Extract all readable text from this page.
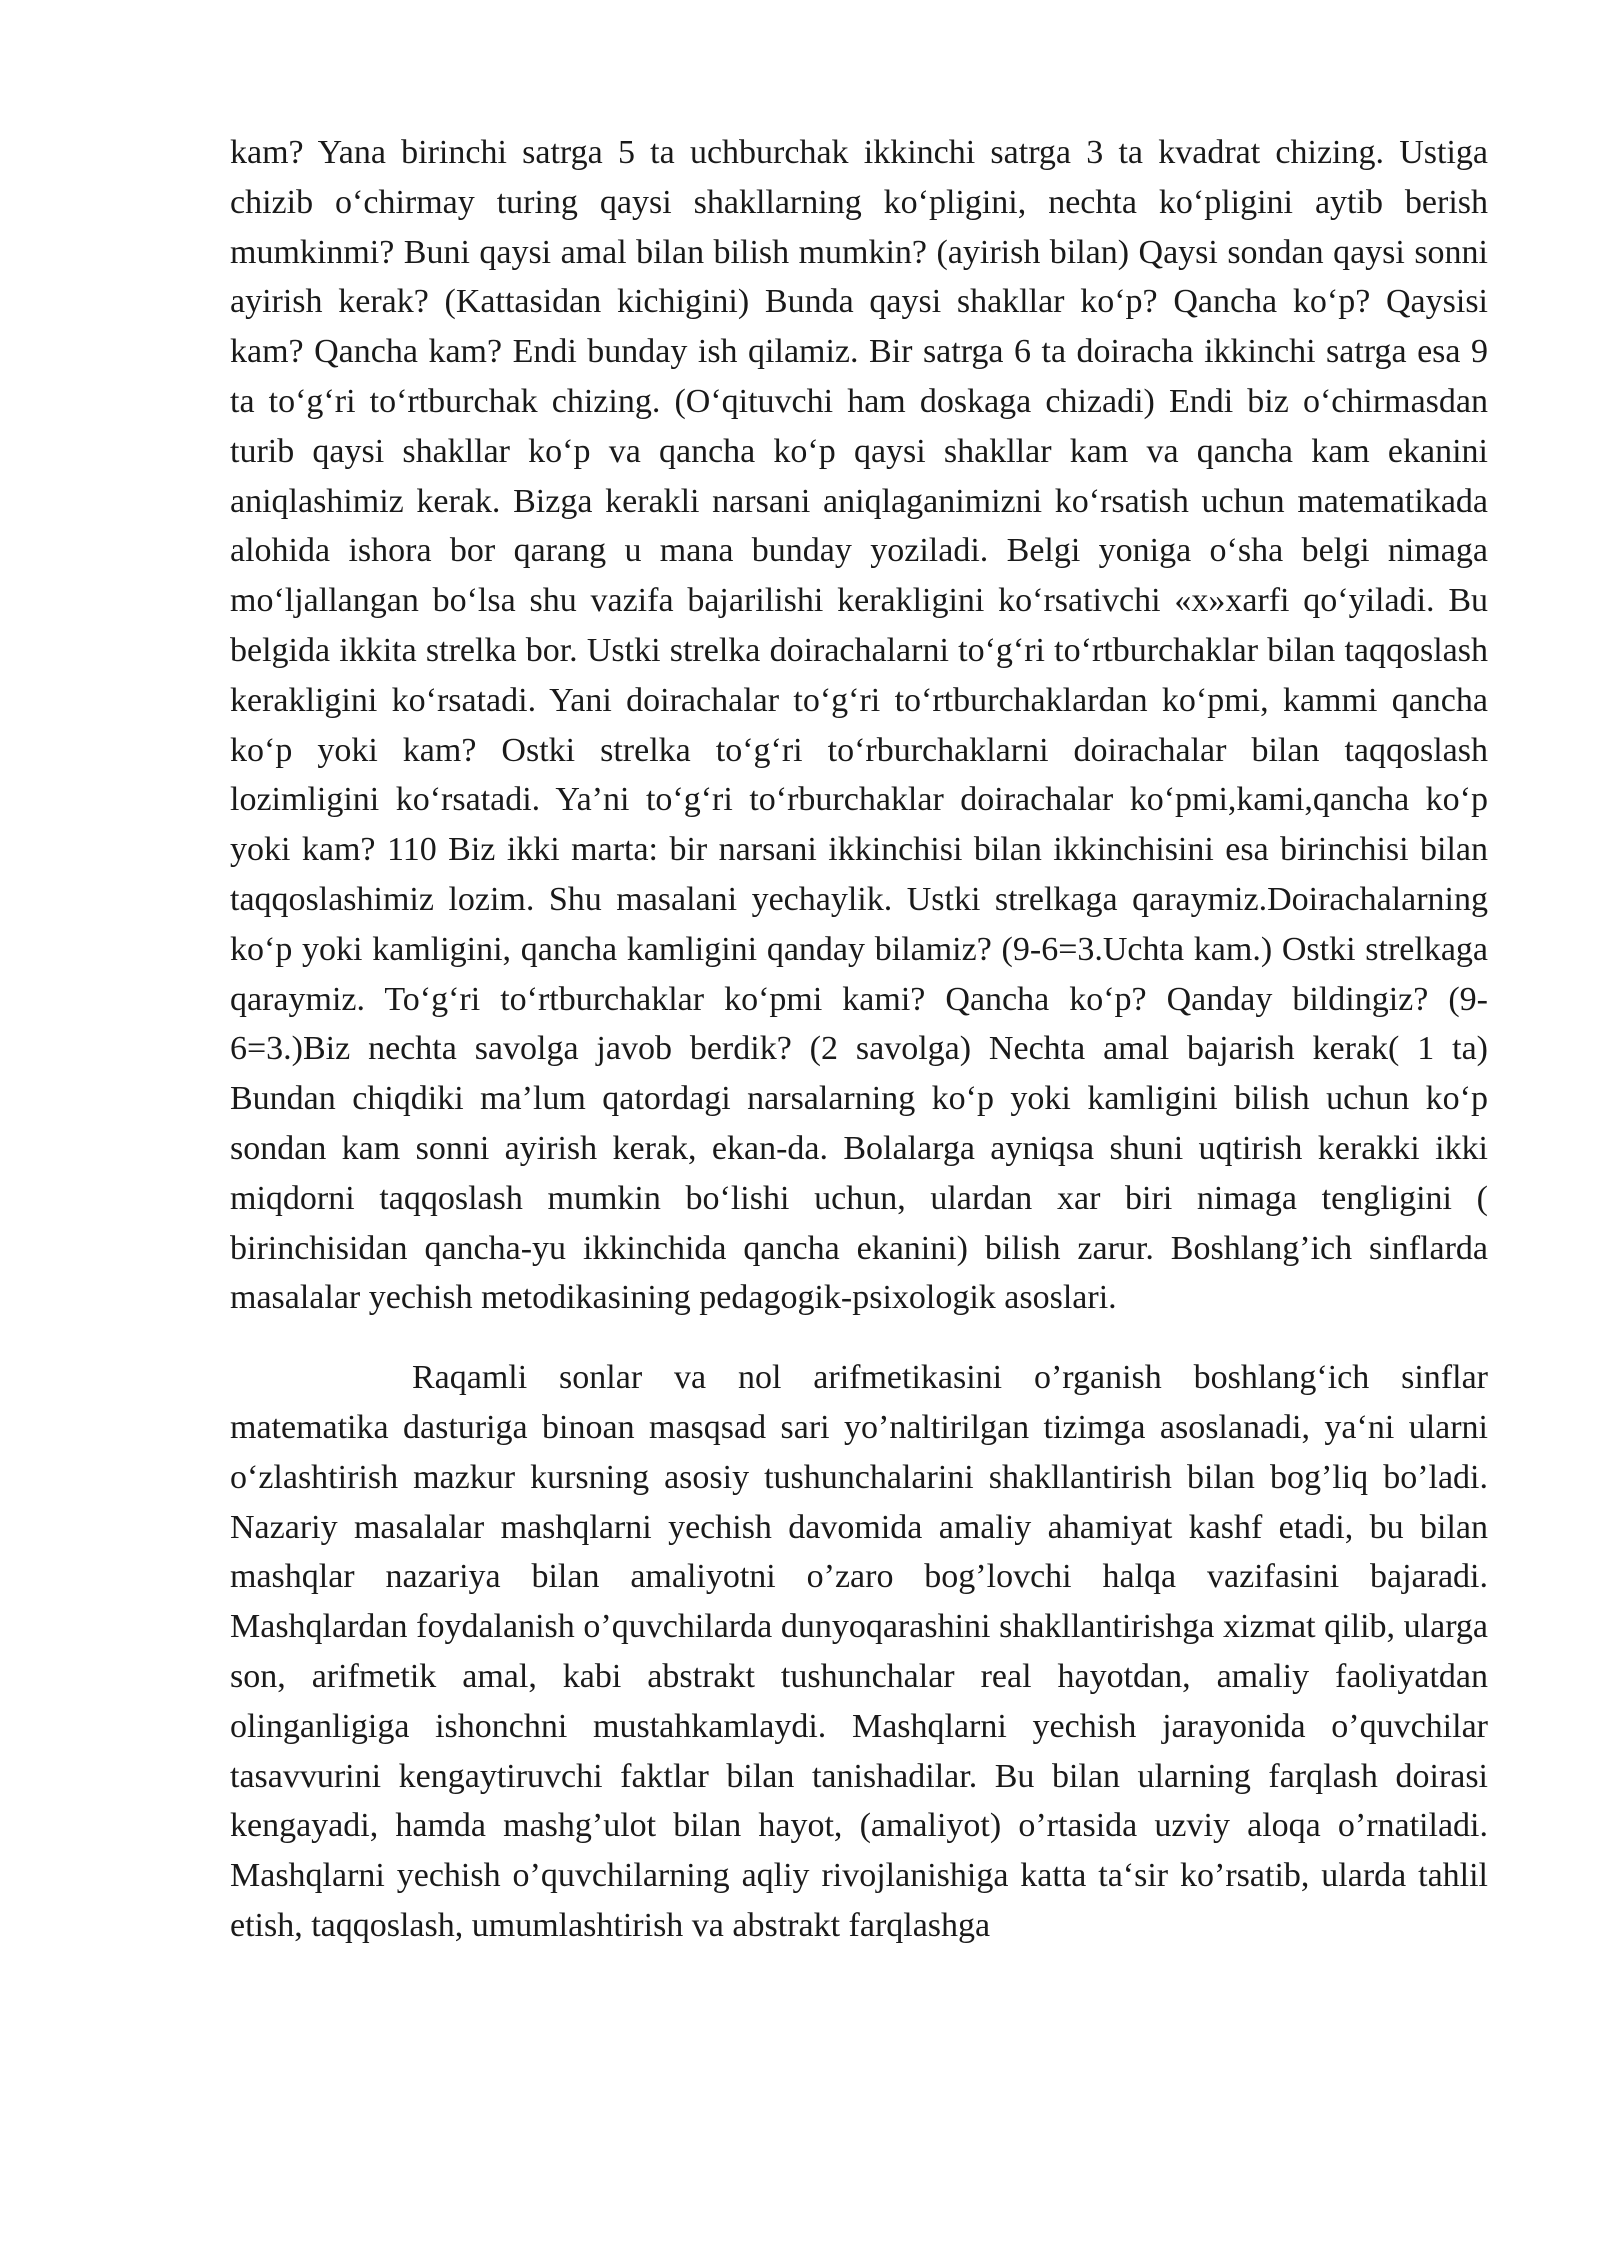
kam? Yana birinchi satrga 5 ta uchburchak ikkinchi satrga 3 ta kvadrat chizing. Ustiga chizib o‘chirmay turing qaysi shakllarning ko‘pligini, nechta ko‘pligini aytib berish mumkinmi? Buni qaysi amal bilan bilish mumkin? (ayirish bilan) Qaysi sondan qaysi sonni ayirish kerak? (Kattasidan kichigini) Bunda qaysi shakllar ko‘p? Qancha ko‘p? Qaysisi kam? Qancha kam? Endi bunday ish qilamiz. Bir satrga 6 ta doiracha ikkinchi satrga esa 9 ta to‘g‘ri to‘rtburchak chizing. (O‘qituvchi ham doskaga chizadi) Endi biz o‘chirmasdan turib qaysi shakllar ko‘p va qancha ko‘p qaysi shakllar kam va qancha kam ekanini aniqlashimiz kerak. Bizga kerakli narsani aniqlaganimizni ko‘rsatish uchun matematikada alohida ishora bor qarang u mana bunday yoziladi. Belgi yoniga o‘sha belgi nimaga mo‘ljallangan bo‘lsa shu vazifa bajarilishi kerakligini ko‘rsativchi «x»xarfi qo‘yiladi. Bu belgida ikkita strelka bor. Ustki strelka doirachalarni to‘g‘ri to‘rtburchaklar bilan taqqoslash kerakligini ko‘rsatadi. Yani doirachalar to‘g‘ri to‘rtburchaklardan ko‘pmi, kammi qancha ko‘p yoki kam? Ostki strelka to‘g‘ri to‘rburchaklarni doirachalar bilan taqqoslash lozimligini ko‘rsatadi. Ya’ni to‘g‘ri to‘rburchaklar doirachalar ko‘pmi,kami,qancha ko‘p yoki kam? 110 Biz ikki marta: bir narsani ikkinchisi bilan ikkinchisini esa birinchisi bilan taqqoslashimiz lozim. Shu masalani yechaylik. Ustki strelkaga qaraymiz.Doirachalarning ko‘p yoki kamligini, qancha kamligini qanday bilamiz? (9-6=3.Uchta kam.) Ostki strelkaga qaraymiz. To‘g‘ri to‘rtburchaklar ko‘pmi kami? Qancha ko‘p? Qanday bildingiz? (9-6=3.)Biz nechta savolga javob berdik? (2 savolga) Nechta amal bajarish kerak( 1 ta) Bundan chiqdiki ma’lum qatordagi narsalarning ko‘p yoki kamligini bilish uchun ko‘p sondan kam sonni ayirish kerak, ekan-da. Bolalarga ayniqsa shuni uqtirish kerakki ikki miqdorni taqqoslash mumkin bo‘lishi uchun, ulardan xar biri nimaga tengligini ( birinchisidan qancha-yu ikkinchida qancha ekanini) bilish zarur. Boshlang’ich sinflarda masalalar yechish metodikasining pedagogik-psixologik asoslari.

Raqamli sonlar va nol arifmetikasini o’rganish boshlang‘ich sinflar matematika dasturiga binoan masqsad sari yo’naltirilgan tizimga asoslanadi, ya‘ni ularni o‘zlashtirish mazkur kursning asosiy tushunchalarini shakllantirish bilan bog’liq bo’ladi. Nazariy masalalar mashqlarni yechish davomida amaliy ahamiyat kashf etadi, bu bilan mashqlar nazariya bilan amaliyotni o’zaro bog’lovchi halqa vazifasini bajaradi. Mashqlardan foydalanish o’quvchilarda dunyoqarashini shakllantirishga xizmat qilib, ularga son, arifmetik amal, kabi abstrakt tushunchalar real hayotdan, amaliy faoliyatdan olinganligiga ishonchni mustahkamlaydi. Mashqlarni yechish jarayonida o’quvchilar tasavvurini kengaytiruvchi faktlar bilan tanishadilar. Bu bilan ularning farqlash doirasi kengayadi, hamda mashg’ulot bilan hayot, (amaliyot) o’rtasida uzviy aloqa o’rnatiladi. Mashqlarni yechish o’quvchilarning aqliy rivojlanishiga katta ta‘sir ko’rsatib, ularda tahlil etish, taqqoslash, umumlashtirish va abstrakt farqlashga
